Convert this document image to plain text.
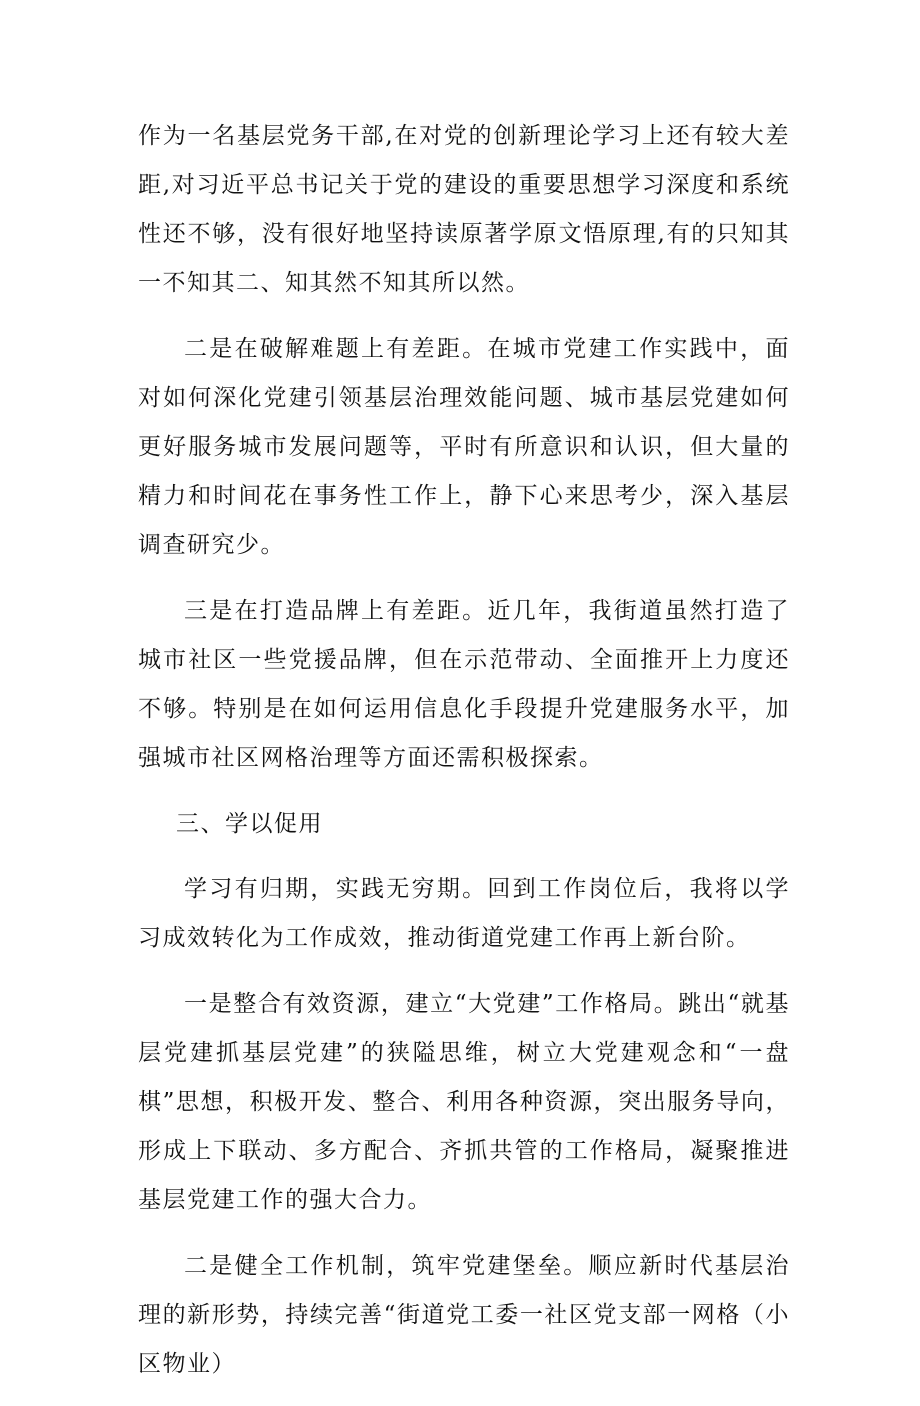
作为一名基层党务干部,在对党的创新理论学习上还有较大差距,对习近平总书记关于党的建设的重要思想学习深度和系统性还不够，没有很好地坚持读原著学原文悟原理,有的只知其一不知其二、知其然不知其所以然。

二是在破解难题上有差距。在城市党建工作实践中，面对如何深化党建引领基层治理效能问题、城市基层党建如何更好服务城市发展问题等，平时有所意识和认识，但大量的精力和时间花在事务性工作上，静下心来思考少，深入基层调查研究少。

三是在打造品牌上有差距。近几年，我街道虽然打造了城市社区一些党援品牌，但在示范带动、全面推开上力度还不够。特别是在如何运用信息化手段提升党建服务水平，加强城市社区网格治理等方面还需积极探索。

三、学以促用

学习有归期，实践无穷期。回到工作岗位后，我将以学习成效转化为工作成效，推动街道党建工作再上新台阶。

一是整合有效资源，建立“大党建”工作格局。跳出“就基层党建抓基层党建”的狭隘思维，树立大党建观念和“一盘棋”思想，积极开发、整合、利用各种资源，突出服务导向，形成上下联动、多方配合、齐抓共管的工作格局，凝聚推进基层党建工作的强大合力。

二是健全工作机制，筑牢党建堡垒。顺应新时代基层治理的新形势，持续完善“街道党工委一社区党支部一网格（小区物业）
